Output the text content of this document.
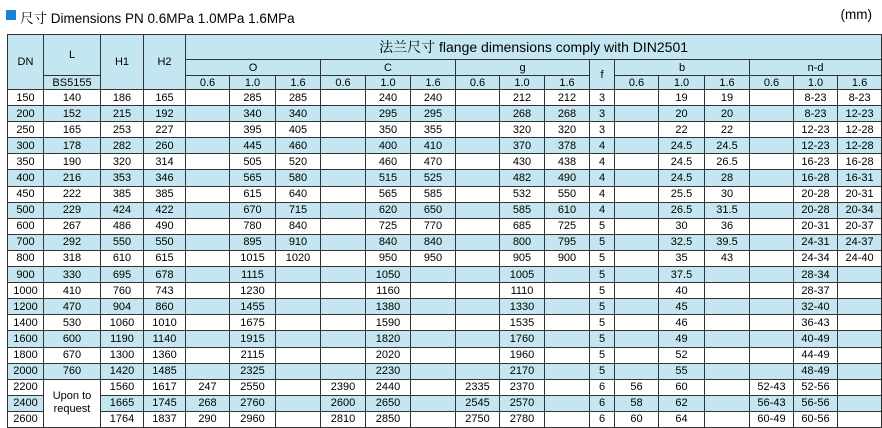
尺寸 Dimensions PN 0.6MPa 1.0MPa 1.6MPa	(mm)
DN	L	H1	H2	法兰尺寸 flange dimensions comply with DIN2501															
				O			C			g			f	b			n-d		
	BS5155			0.6	1.0	1.6	0.6	1.0	1.6	0.6	1.0	1.6		0.6	1.0	1.6	0.6	1.0	1.6
150	140	186	165		285	285		240	240		212	212	3		19	19		8-23	8-23
200	152	215	192		340	340		295	295		268	268	3		20	20		8-23	12-23
250	165	253	227		395	405		350	355		320	320	3		22	22		12-23	12-28
300	178	282	260		445	460		400	410		370	378	4		24.5	24.5		12-23	12-28
350	190	320	314		505	520		460	470		430	438	4		24.5	26.5		16-23	16-28
400	216	353	346		565	580		515	525		482	490	4		24.5	28		16-28	16-31
450	222	385	385		615	640		565	585		532	550	4		25.5	30		20-28	20-31
500	229	424	422		670	715		620	650		585	610	4		26.5	31.5		20-28	20-34
600	267	486	490		780	840		725	770		685	725	5		30	36		20-31	20-37
700	292	550	550		895	910		840	840		800	795	5		32.5	39.5		24-31	24-37
800	318	610	615		1015	1020		950	950		905	900	5		35	43		24-34	24-40
900	330	695	678		1115			1050			1005		5		37.5			28-34	
1000	410	760	743		1230			1160			1110		5		40			28-37	
1200	470	904	860		1455			1380			1330		5		45			32-40	
1400	530	1060	1010		1675			1590			1535		5		46			36-43	
1600	600	1190	1140		1915			1820			1760		5		49			40-49	
1800	670	1300	1360		2115			2020			1960		5		52			44-49	
2000	760	1420	1485		2325			2230			2170		5		55			48-49	
2200	Upon to request	1560	1617	247	2550		2390	2440		2335	2370		6	56	60		52-43	52-56	
2400		1665	1745	268	2760		2600	2650		2545	2570		6	58	62		56-43	56-56	
2600		1764	1837	290	2960		2810	2850		2750	2780		6	60	64		60-49	60-56	
